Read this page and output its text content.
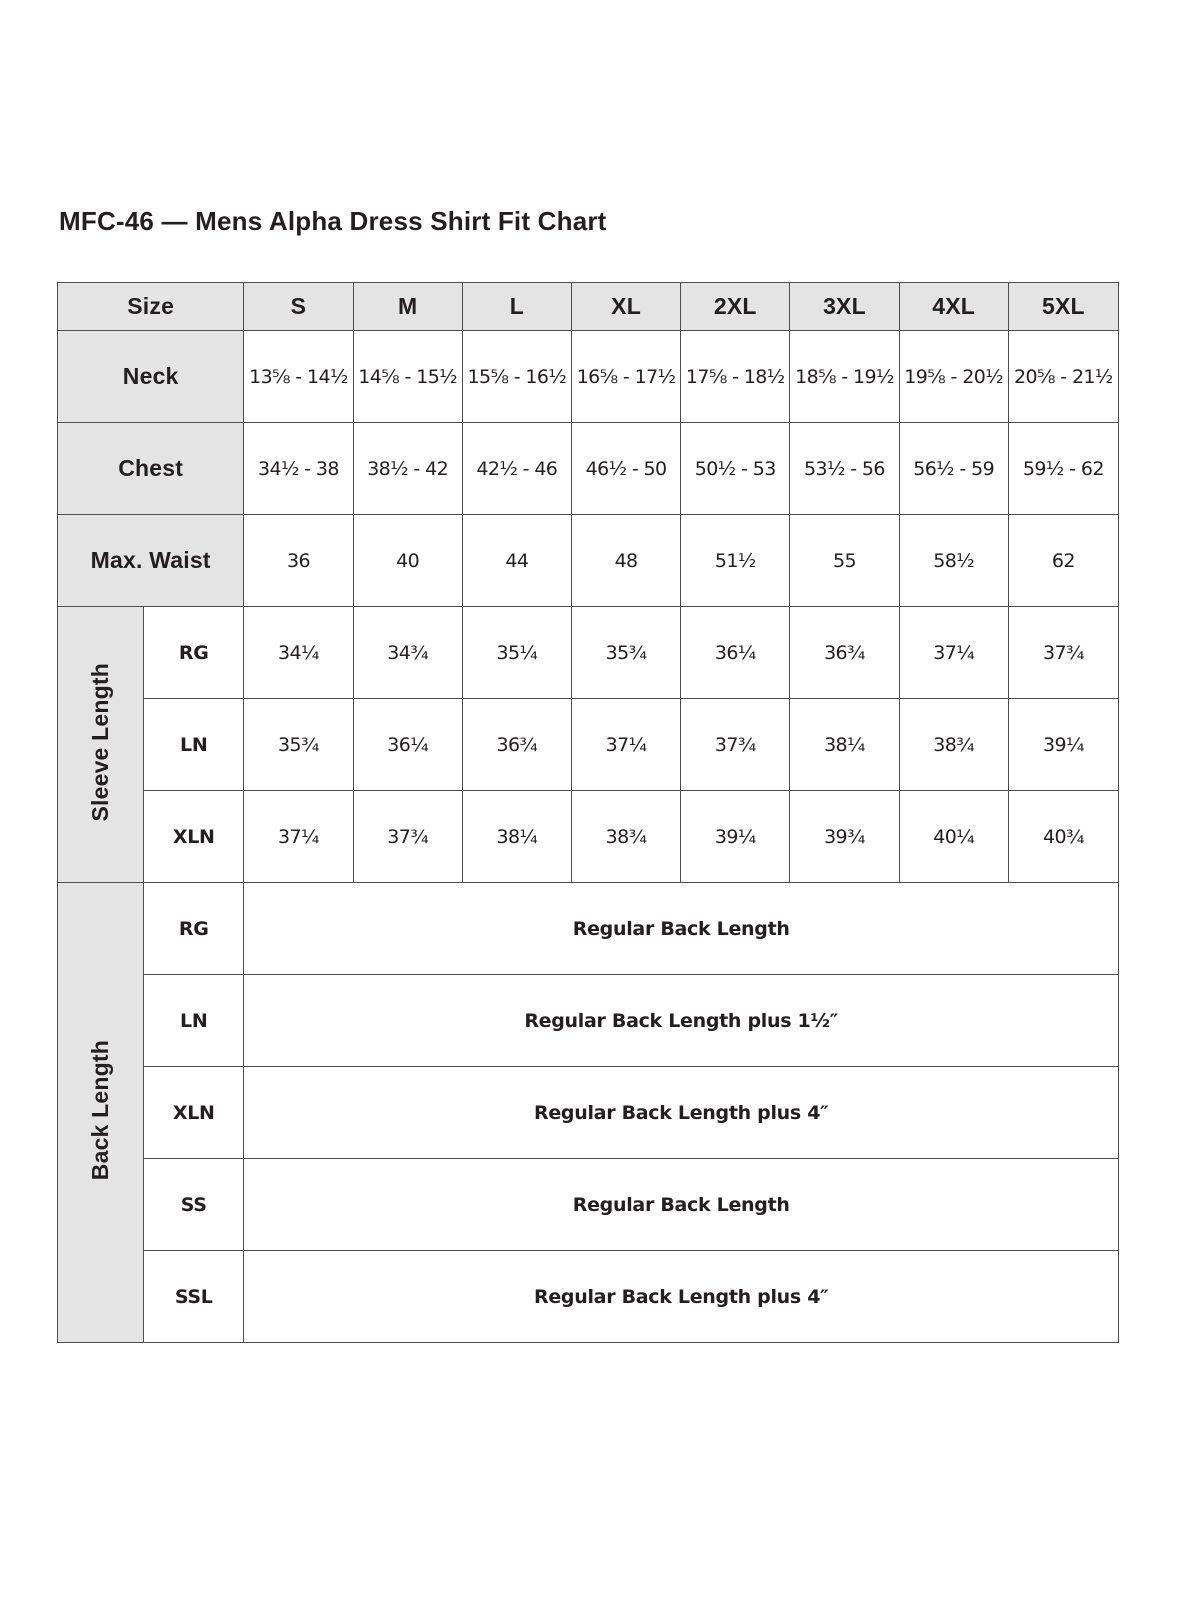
MFC-46 — Mens Alpha Dress Shirt Fit Chart
Size		S	M	L	XL	2XL	3XL	4XL	5XL
Neck		13⅝ - 14½	14⅝ - 15½	15⅝ - 16½	16⅝ - 17½	17⅝ - 18½	18⅝ - 19½	19⅝ - 20½	20⅝ - 21½
Chest		34½ - 38	38½ - 42	42½ - 46	46½ - 50	50½ - 53	53½ - 56	56½ - 59	59½ - 62
Max. Waist		36	40	44	48	51½	55	58½	62
Sleeve Length	RG	34¼	34¾	35¼	35¾	36¼	36¾	37¼	37¾
	LN	35¾	36¼	36¾	37¼	37¾	38¼	38¾	39¼
	XLN	37¼	37¾	38¼	38¾	39¼	39¾	40¼	40¾
Back Length	RG	Regular Back Length							
	LN	Regular Back Length plus 1½″							
	XLN	Regular Back Length plus 4″							
	SS	Regular Back Length							
	SSL	Regular Back Length plus 4″							
